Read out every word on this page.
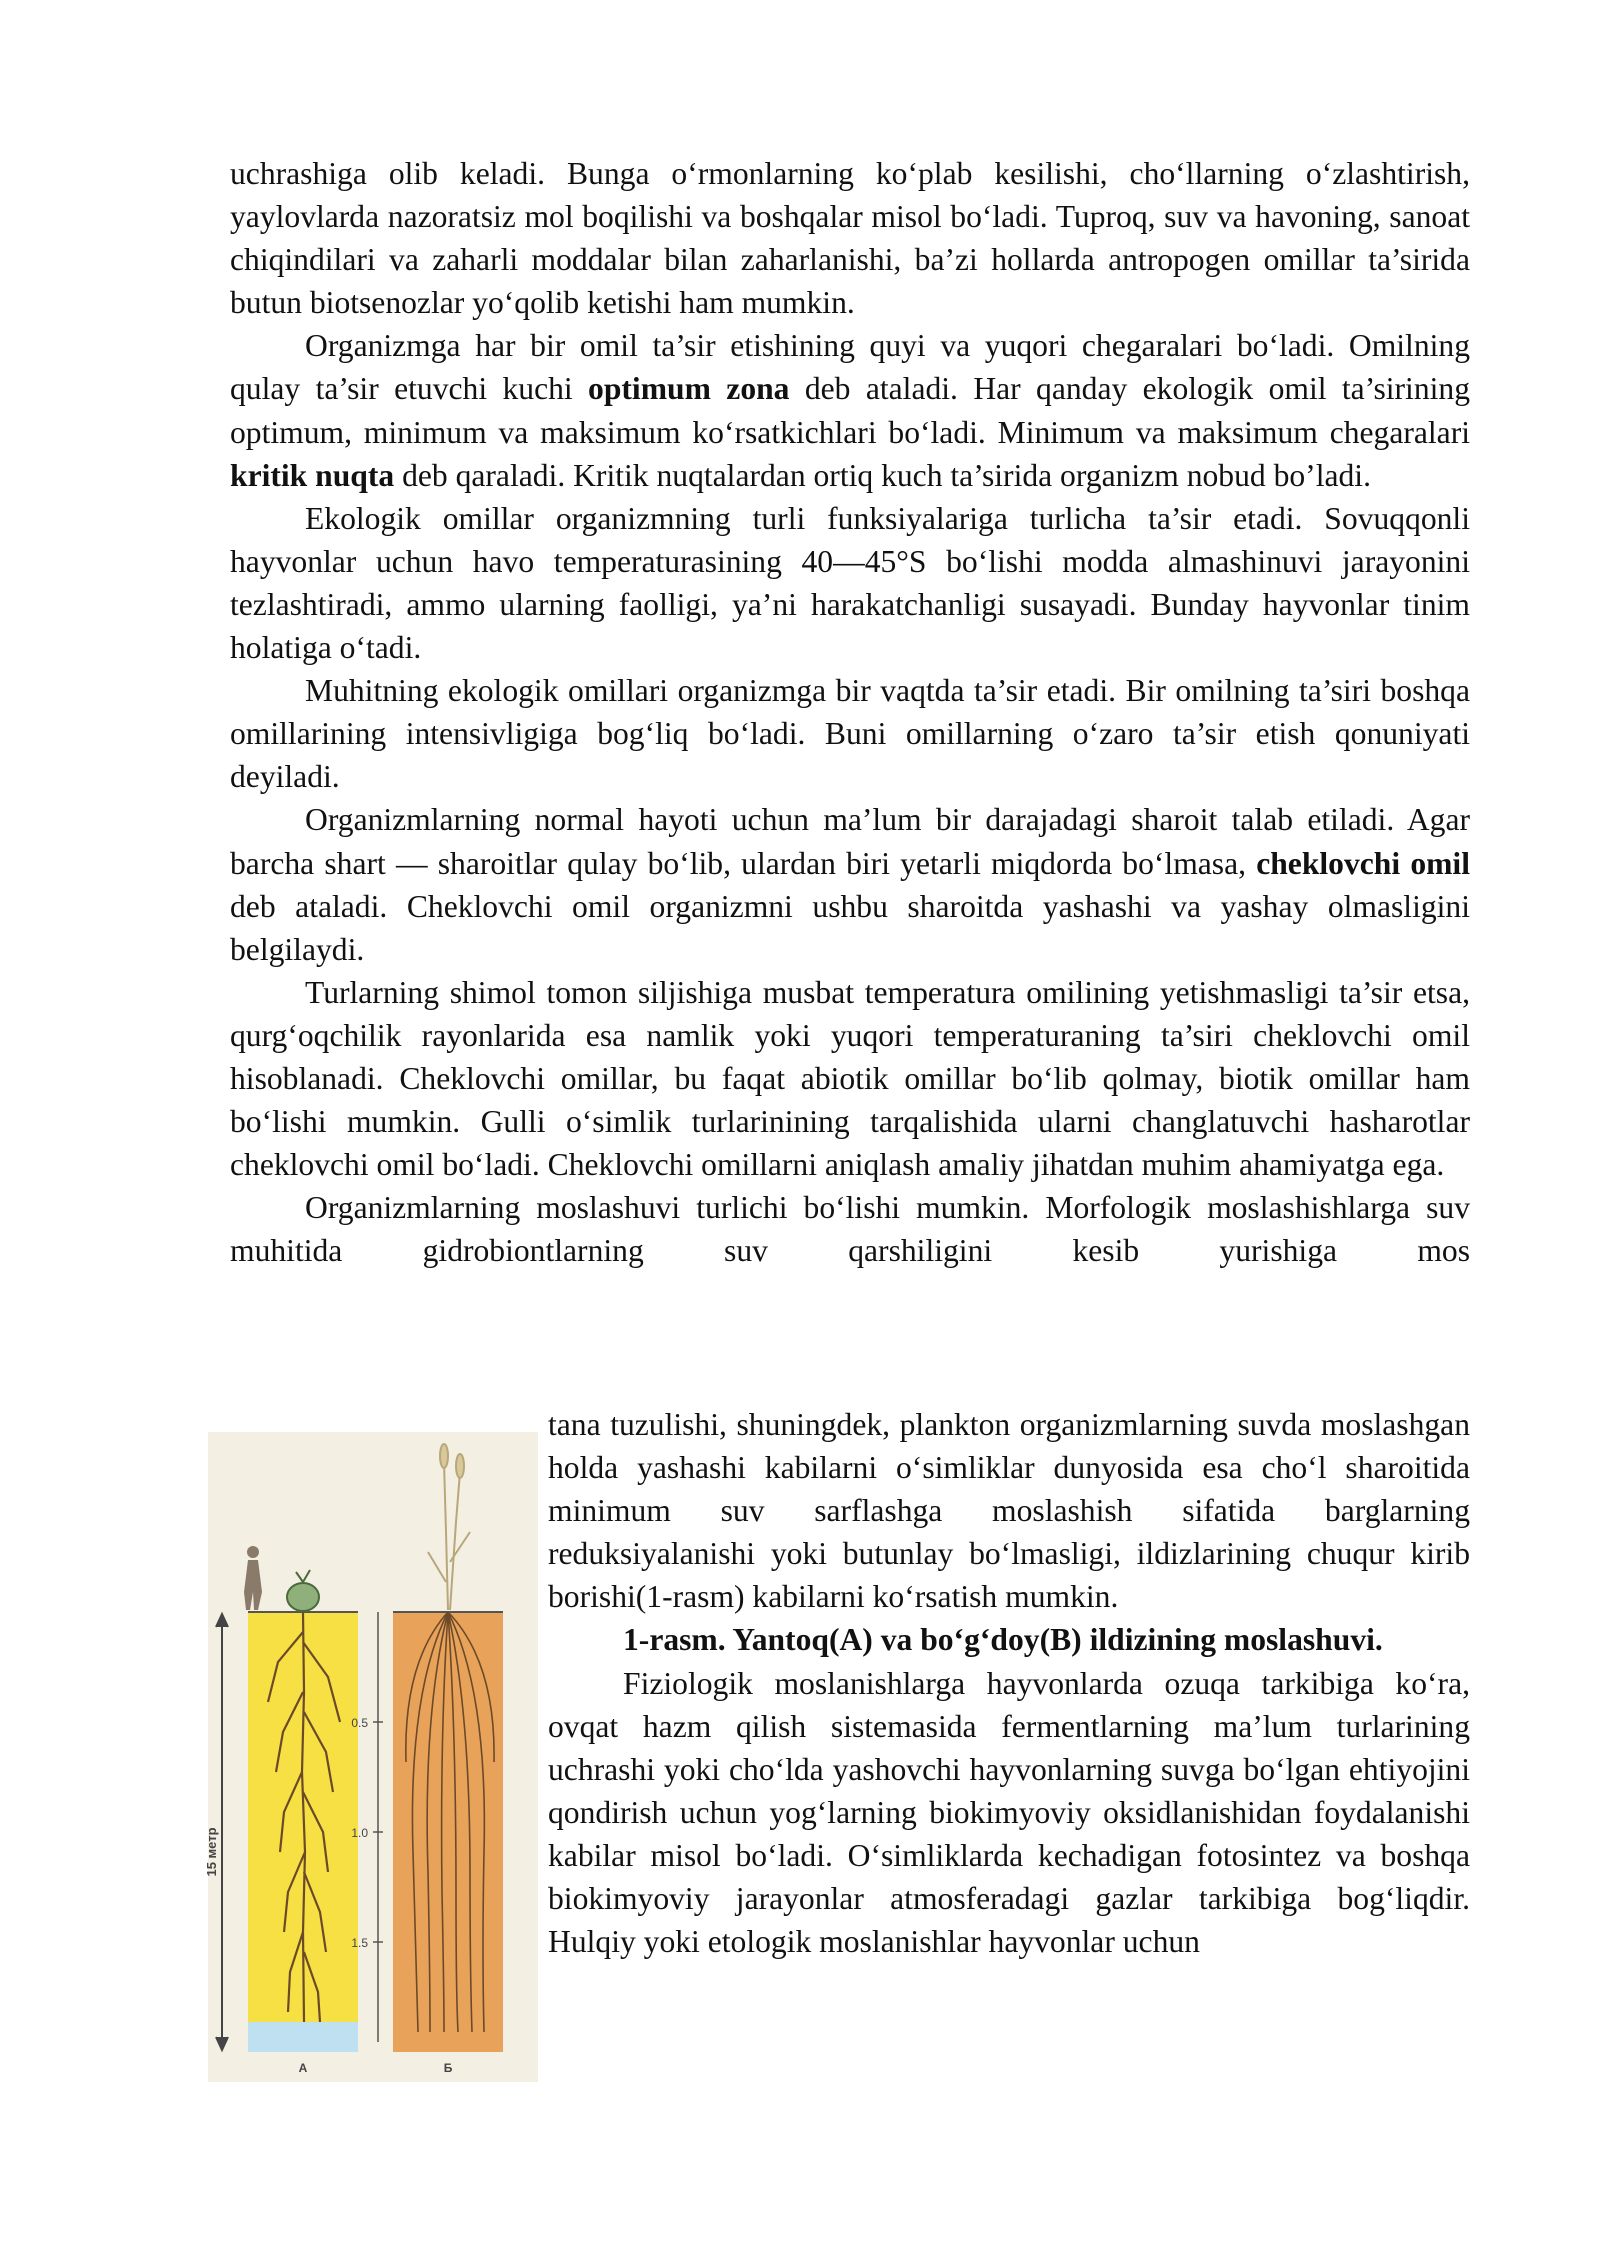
uchrashiga olib keladi. Bunga o‘rmonlarning ko‘plab kesilishi, cho‘llarning o‘zlashtirish, yaylovlarda nazoratsiz mol boqilishi va boshqalar misol bo‘ladi. Tuproq, suv va havoning, sanoat chiqindilari va zaharli moddalar bilan zaharlanishi, ba’zi hollarda antropogen omillar ta’sirida butun biotsenozlar yo‘qolib ketishi ham mumkin.

Organizmga har bir omil ta’sir etishining quyi va yuqori chegaralari bo‘ladi. Omilning qulay ta’sir etuvchi kuchi optimum zona deb ataladi. Har qanday ekologik omil ta’sirining optimum, minimum va maksimum ko‘rsatkichlari bo‘ladi. Minimum va maksimum chegaralari kritik nuqta deb qaraladi. Kritik nuqtalardan ortiq kuch ta’sirida organizm nobud bo’ladi.

Ekologik omillar organizmning turli funksiyalariga turlicha ta’sir etadi. Sovuqqonli hayvonlar uchun havo temperaturasining 40—45°S bo‘lishi modda almashinuvi jarayonini tezlashtiradi, ammo ularning faolligi, ya’ni harakatchanligi susayadi. Bunday hayvonlar tinim holatiga o‘tadi.

Muhitning ekologik omillari organizmga bir vaqtda ta’sir etadi. Bir omilning ta’siri boshqa omillarining intensivligiga bog‘liq bo‘ladi. Buni omillarning o‘zaro ta’sir etish qonuniyati deyiladi.

Organizmlarning normal hayoti uchun ma’lum bir darajadagi sharoit talab etiladi. Agar barcha shart — sharoitlar qulay bo‘lib, ulardan biri yetarli miqdorda bo‘lmasa, cheklovchi omil deb ataladi. Cheklovchi omil organizmni ushbu sharoitda yashashi va yashay olmasligini belgilaydi.

Turlarning shimol tomon siljishiga musbat temperatura omilining yetishmasligi ta’sir etsa, qurg‘oqchilik rayonlarida esa namlik yoki yuqori temperaturaning ta’siri cheklovchi omil hisoblanadi. Cheklovchi omillar, bu faqat abiotik omillar bo‘lib qolmay, biotik omillar ham bo‘lishi mumkin. Gulli o‘simlik turlarinining tarqalishida ularni changlatuvchi hasharotlar cheklovchi omil bo‘ladi. Cheklovchi omillarni aniqlash amaliy jihatdan muhim ahamiyatga ega.

Organizmlarning moslashuvi turlichi bo‘lishi mumkin. Morfologik moslashishlarga suv muhitida gidrobiontlarning suv qarshiligini kesib yurishiga mos

15 метр
0.5
1.0
1.5
А	Б

tana tuzulishi, shuningdek, plankton organizmlarning suvda moslashgan holda yashashi kabilarni o‘simliklar dunyosida esa cho‘l sharoitida minimum suv sarflashga moslashish sifatida barglarning reduksiyalanishi yoki butunlay bo‘lmasligi, ildizlarining chuqur kirib borishi(1-rasm) kabilarni ko‘rsatish mumkin.

1-rasm. Yantoq(A) va bo‘g‘doy(B) ildizining moslashuvi.

Fiziologik moslanishlarga hayvonlarda ozuqa tarkibiga ko‘ra, ovqat hazm qilish sistemasida fermentlarning ma’lum turlarining uchrashi yoki cho‘lda yashovchi hayvonlarning suvga bo‘lgan ehtiyojini qondirish uchun yog‘larning biokimyoviy oksidlanishidan foydalanishi kabilar misol bo‘ladi. O‘simliklarda kechadigan fotosintez va boshqa biokimyoviy jarayonlar atmosferadagi gazlar tarkibiga bog‘liqdir. Hulqiy yoki etologik moslanishlar hayvonlar uchun
